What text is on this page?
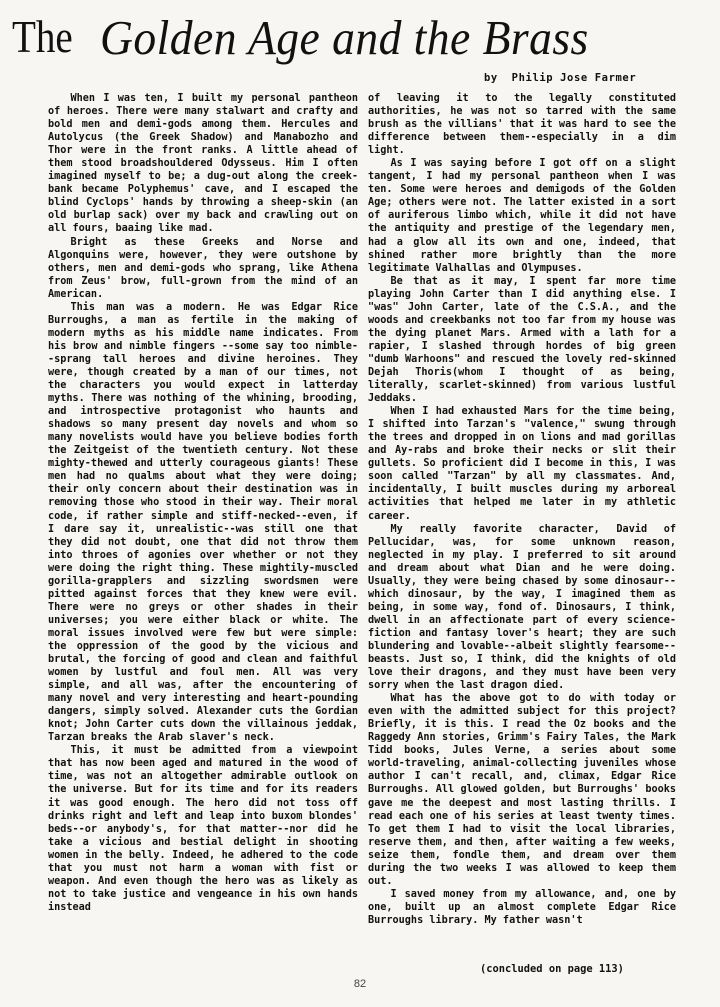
The Golden Age and the Brass
by  Philip Jose Farmer

When I was ten, I built my personal pantheon of heroes. There were many stalwart and crafty and bold men and demi-gods among them. Hercules and Autolycus (the Greek Shadow) and Manabozho and Thor were in the front ranks. A little ahead of them stood broadshouldered Odysseus. Him I often imagined myself to be; a dug-out along the creek-bank became Polyphemus' cave, and I escaped the blind Cyclops' hands by throwing a sheep-skin (an old burlap sack) over my back and crawling out on all fours, baaing like mad.

Bright as these Greeks and Norse and Algonquins were, however, they were outshone by others, men and demi-gods who sprang, like Athena from Zeus' brow, full-grown from the mind of an American.

This man was a modern. He was Edgar Rice Burroughs, a man as fertile in the making of modern myths as his middle name indicates. From his brow and nimble fingers --some say too nimble--sprang tall heroes and divine heroines. They were, though created by a man of our times, not the characters you would expect in latterday myths. There was nothing of the whining, brooding, and introspective protagonist who haunts and shadows so many present day novels and whom so many novelists would have you believe bodies forth the Zeitgeist of the twentieth century. Not these mighty-thewed and utterly courageous giants! These men had no qualms about what they were doing; their only concern about their destination was in removing those who stood in their way. Their moral code, if rather simple and stiff-necked--even, if I dare say it, unrealistic--was still one that they did not doubt, one that did not throw them into throes of agonies over whether or not they were doing the right thing. These mightily-muscled gorilla-grapplers and sizzling swordsmen were pitted against forces that they knew were evil. There were no greys or other shades in their universes; you were either black or white. The moral issues involved were few but were simple: the oppression of the good by the vicious and brutal, the forcing of good and clean and faithful women by lustful and foul men. All was very simple, and all was, after the encountering of many novel and very interesting and heart-pounding dangers, simply solved. Alexander cuts the Gordian knot; John Carter cuts down the villainous jeddak, Tarzan breaks the Arab slaver's neck.

This, it must be admitted from a viewpoint that has now been aged and matured in the wood of time, was not an altogether admirable outlook on the universe. But for its time and for its readers it was good enough. The hero did not toss off drinks right and left and leap into buxom blondes' beds--or anybody's, for that matter--nor did he take a vicious and bestial delight in shooting women in the belly. Indeed, he adhered to the code that you must not harm a woman with fist or weapon. And even though the hero was as likely as not to take justice and vengeance in his own hands instead

of leaving it to the legally constituted authorities, he was not so tarred with the same brush as the villians' that it was hard to see the difference between them--especially in a dim light.

As I was saying before I got off on a slight tangent, I had my personal pantheon when I was ten. Some were heroes and demigods of the Golden Age; others were not. The latter existed in a sort of auriferous limbo which, while it did not have the antiquity and prestige of the legendary men, had a glow all its own and one, indeed, that shined rather more brightly than the more legitimate Valhallas and Olympuses.

Be that as it may, I spent far more time playing John Carter than I did anything else. I "was" John Carter, late of the C.S.A., and the woods and creekbanks not too far from my house was the dying planet Mars. Armed with a lath for a rapier, I slashed through hordes of big green "dumb Warhoons" and rescued the lovely red-skinned Dejah Thoris(whom I thought of as being, literally, scarlet-skinned) from various lustful Jeddaks.

When I had exhausted Mars for the time being, I shifted into Tarzan's "valence," swung through the trees and dropped in on lions and mad gorillas and Ay-rabs and broke their necks or slit their gullets. So proficient did I become in this, I was soon called "Tarzan" by all my classmates. And, incidentally, I built muscles during my arboreal activities that helped me later in my athletic career.

My really favorite character, David of Pellucidar, was, for some unknown reason, neglected in my play. I preferred to sit around and dream about what Dian and he were doing. Usually, they were being chased by some dinosaur--which dinosaur, by the way, I imagined them as being, in some way, fond of. Dinosaurs, I think, dwell in an affectionate part of every science-fiction and fantasy lover's heart; they are such blundering and lovable--albeit slightly fearsome--beasts. Just so, I think, did the knights of old love their dragons, and they must have been very sorry when the last dragon died.

What has the above got to do with today or even with the admitted subject for this project? Briefly, it is this. I read the Oz books and the Raggedy Ann stories, Grimm's Fairy Tales, the Mark Tidd books, Jules Verne, a series about some world-traveling, animal-collecting juveniles whose author I can't recall, and, climax, Edgar Rice Burroughs. All glowed golden, but Burroughs' books gave me the deepest and most lasting thrills. I read each one of his series at least twenty times. To get them I had to visit the local libraries, reserve them, and then, after waiting a few weeks, seize them, fondle them, and dream over them during the two weeks I was allowed to keep them out.

I saved money from my allowance, and, one by one, built up an almost complete Edgar Rice Burroughs library. My father wasn't

(concluded on page 113)
82
